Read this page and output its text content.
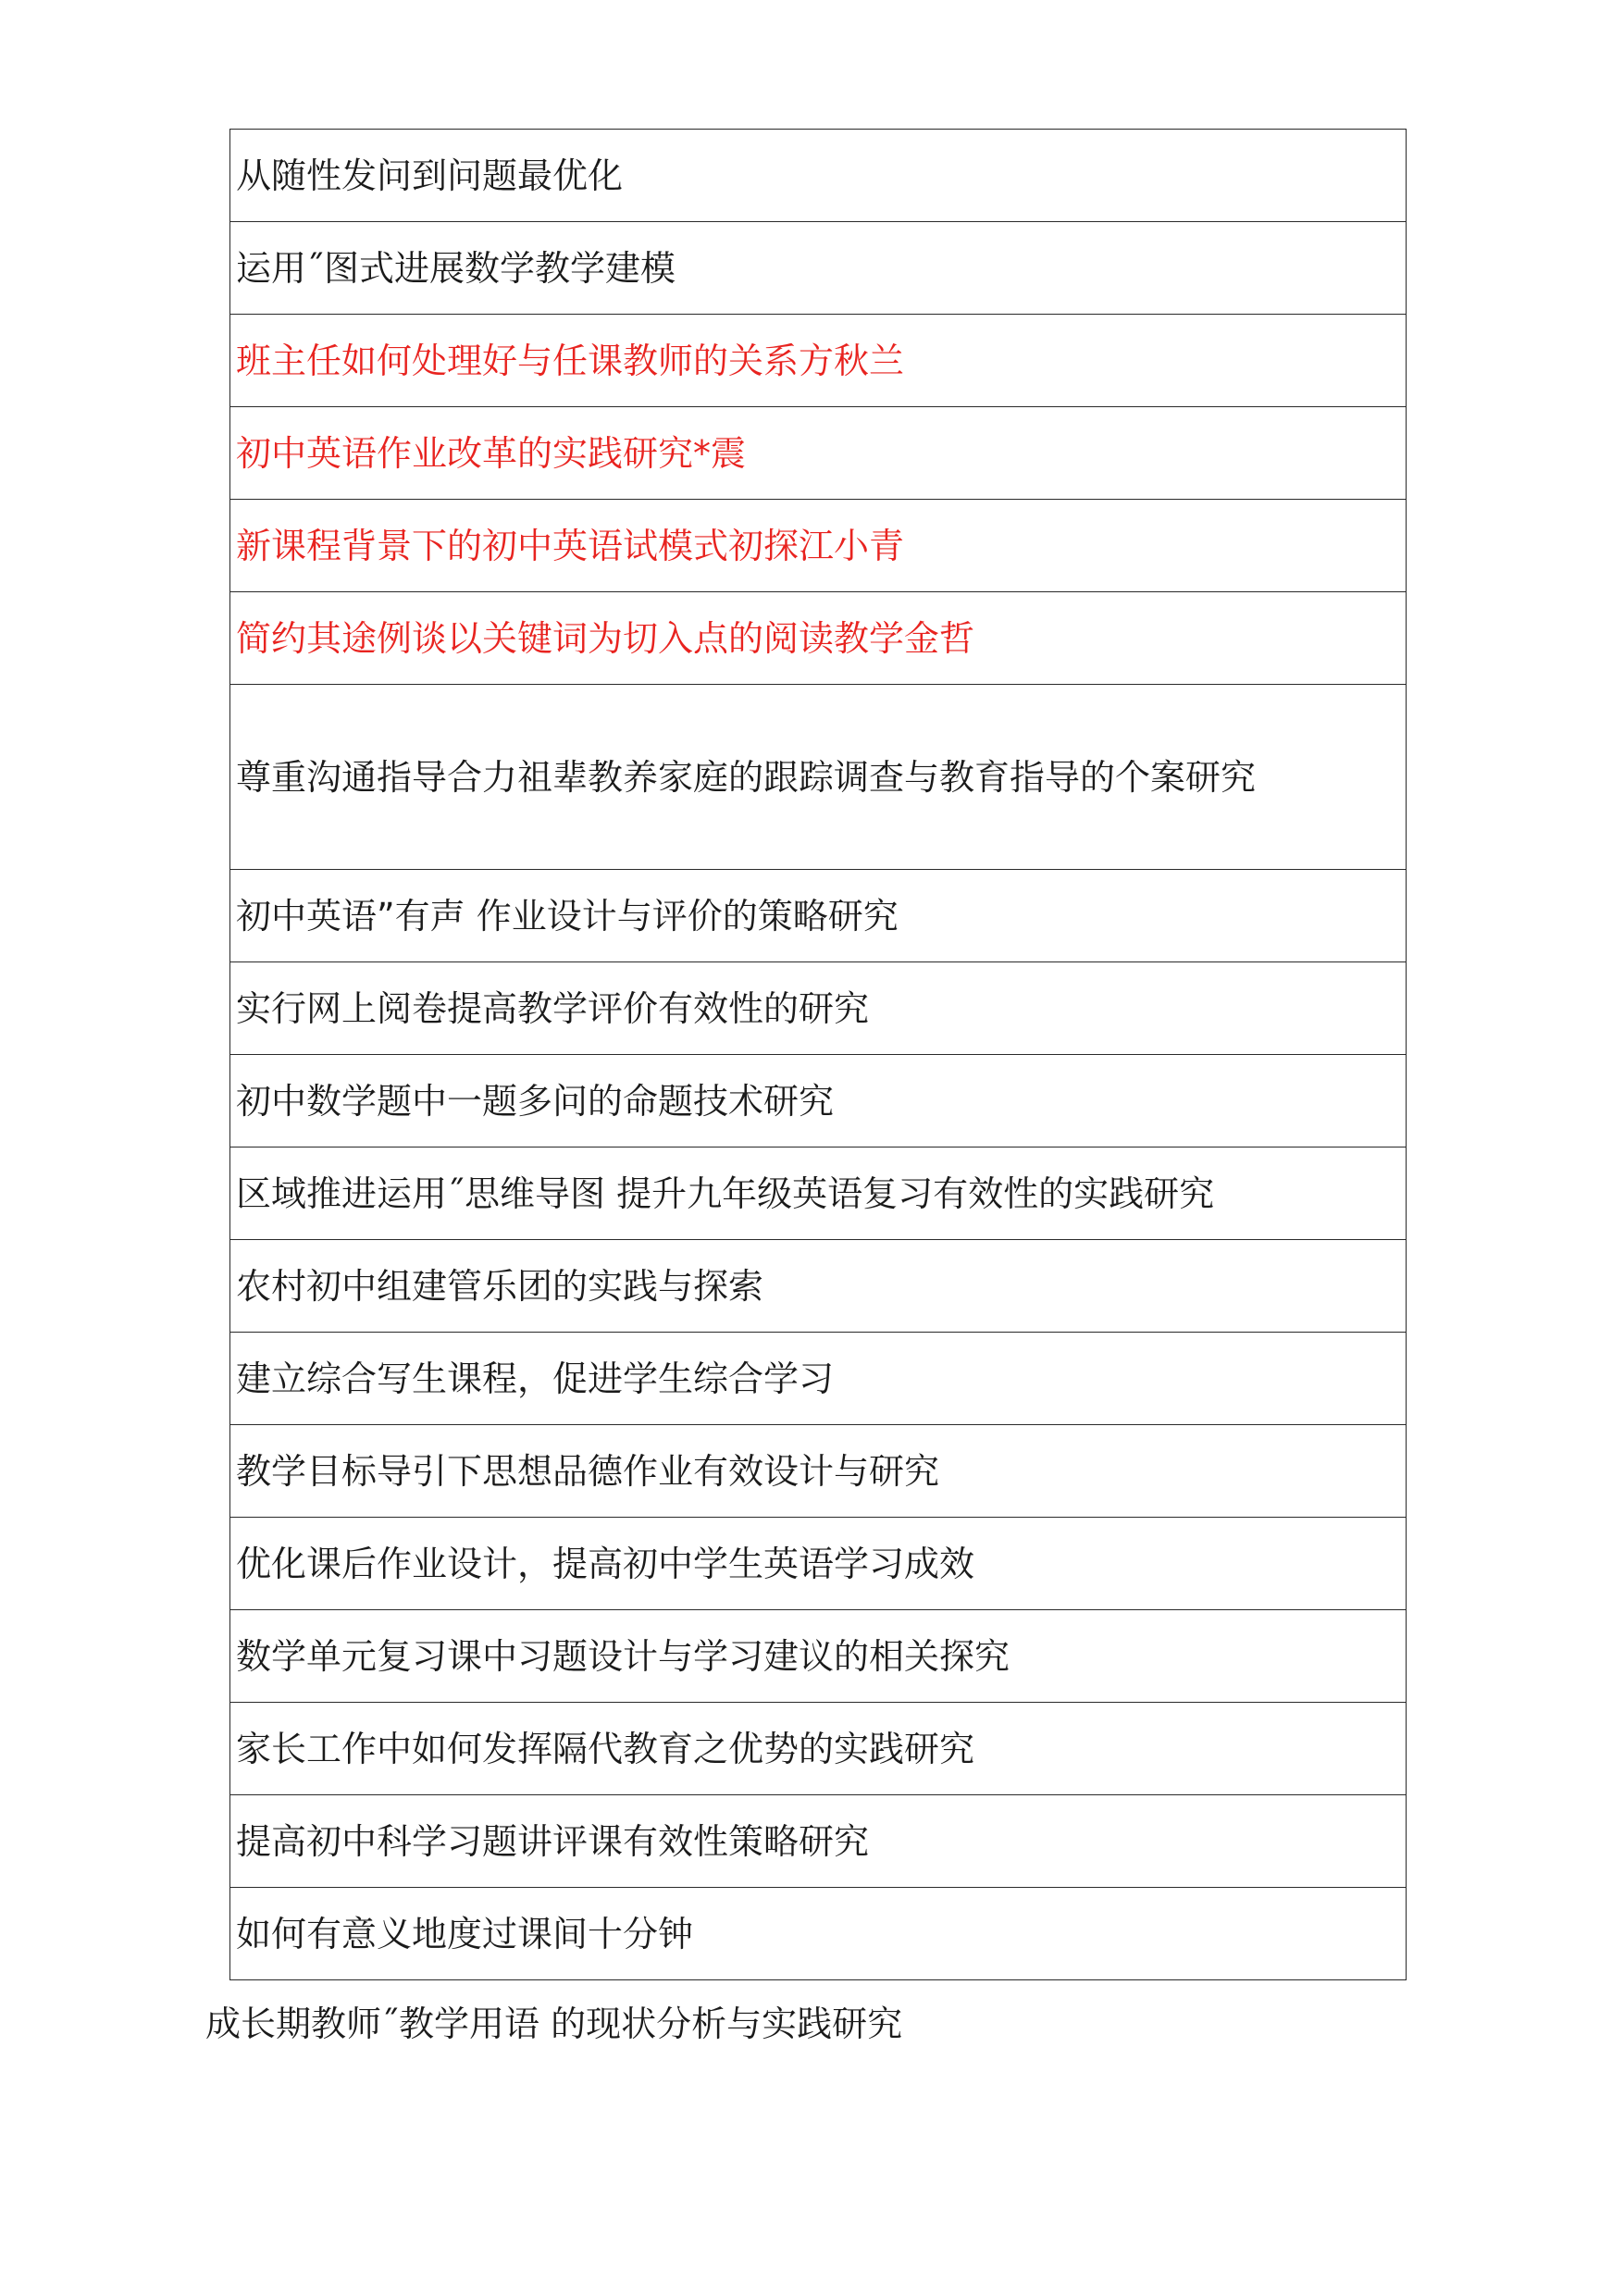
从随性发问到问题最优化
运用˝图式进展数学教学建模
班主任如何处理好与任课教师的关系方秋兰
初中英语作业改革的实践研究*震
新课程背景下的初中英语试模式初探江小青
简约其途例谈以关键词为切入点的阅读教学金哲
尊重沟通指导合力祖辈教养家庭的跟踪调查与教育指导的个案研究
初中英语”有声 作业设计与评价的策略研究
实行网上阅卷提高教学评价有效性的研究
初中数学题中一题多问的命题技术研究
区域推进运用˝思维导图 提升九年级英语复习有效性的实践研究
农村初中组建管乐团的实践与探索
建立综合写生课程，促进学生综合学习
教学目标导引下思想品德作业有效设计与研究
优化课后作业设计，提高初中学生英语学习成效
数学单元复习课中习题设计与学习建议的相关探究
家长工作中如何发挥隔代教育之优势的实践研究
提高初中科学习题讲评课有效性策略研究
如何有意义地度过课间十分钟
成长期教师˝教学用语 的现状分析与实践研究
